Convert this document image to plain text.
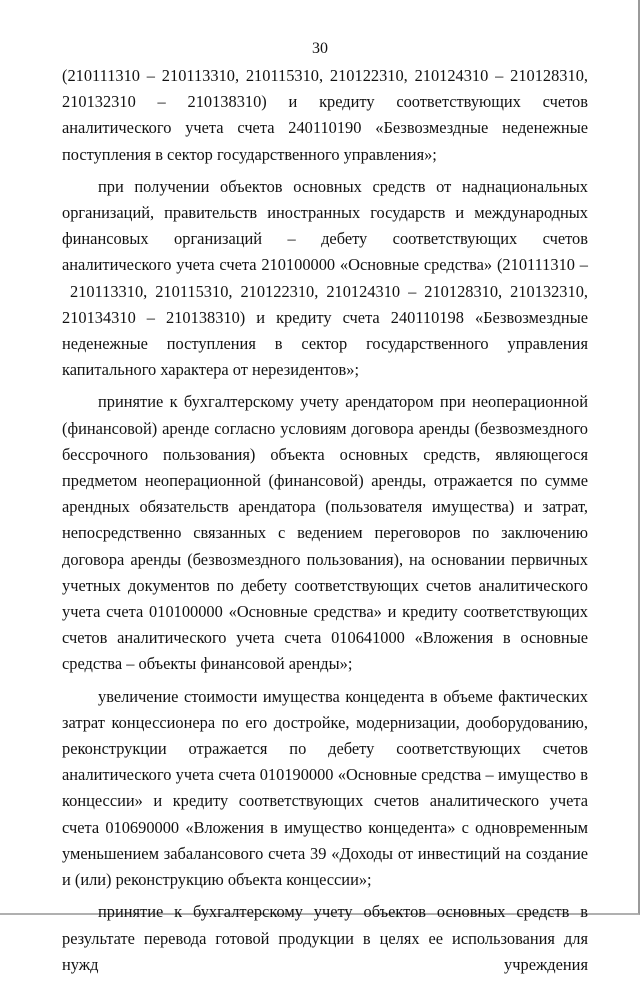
30

(210111310 – 210113310, 210115310, 210122310, 210124310 – 210128310, 210132310 – 210138310) и кредиту соответствующих счетов аналитического учета счета 240110190 «Безвозмездные неденежные поступления в сектор государственного управления»;

при получении объектов основных средств от наднациональных организаций, правительств иностранных государств и международных финансовых организаций – дебету соответствующих счетов аналитического учета счета 210100000 «Основные средства» (210111310 – 210113310, 210115310, 210122310, 210124310 – 210128310, 210132310, 210134310 – 210138310) и кредиту счета 240110198 «Безвозмездные неденежные поступления в сектор государственного управления капитального характера от нерезидентов»;

принятие к бухгалтерскому учету арендатором при неоперационной (финансовой) аренде согласно условиям договора аренды (безвозмездного бессрочного пользования) объекта основных средств, являющегося предметом неоперационной (финансовой) аренды, отражается по сумме арендных обязательств арендатора (пользователя имущества) и затрат, непосредственно связанных с ведением переговоров по заключению договора аренды (безвозмездного пользования), на основании первичных учетных документов по дебету соответствующих счетов аналитического учета счета 010100000 «Основные средства» и кредиту соответствующих счетов аналитического учета счета 010641000 «Вложения в основные средства – объекты финансовой аренды»;

увеличение стоимости имущества концедента в объеме фактических затрат концессионера по его достройке, модернизации, дооборудованию, реконструкции отражается по дебету соответствующих счетов аналитического учета счета 010190000 «Основные средства – имущество в концессии» и кредиту соответствующих счетов аналитического учета счета 010690000 «Вложения в имущество концедента» с одновременным уменьшением забалансового счета 39 «Доходы от инвестиций на создание и (или) реконструкцию объекта концессии»;

принятие к бухгалтерскому учету объектов основных средств в результате перевода готовой продукции в целях ее использования для нужд учреждения
